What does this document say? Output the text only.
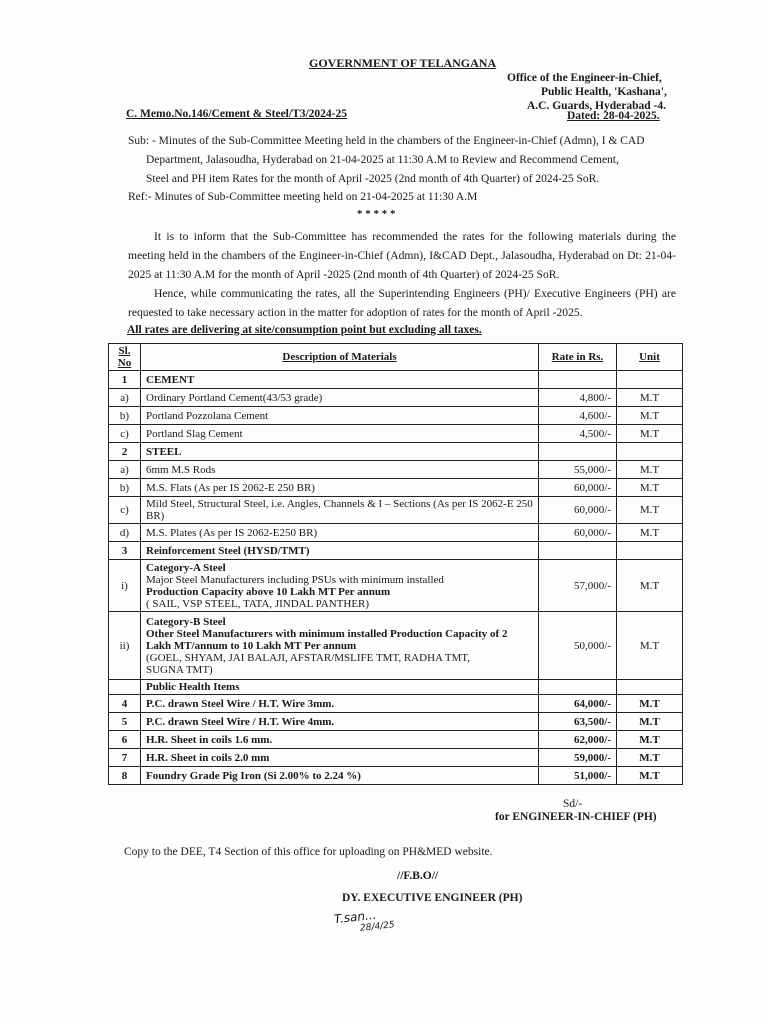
GOVERNMENT OF TELANGANA
Office of the Engineer-in-Chief,
Public Health, 'Kashana',
A.C. Guards, Hyderabad -4.
C. Memo.No.146/Cement & Steel/T3/2024-25	Dated: 28-04-2025.
Sub: - Minutes of the Sub-Committee Meeting held in the chambers of the Engineer-in-Chief (Admn), I & CAD
Department, Jalasoudha, Hyderabad on 21-04-2025 at 11:30 A.M to Review and Recommend Cement,
Steel and PH item Rates for the month of April -2025 (2nd month of 4th Quarter) of 2024-25 SoR.
Ref:- Minutes of Sub-Committee meeting held on 21-04-2025 at 11:30 A.M
* * * * *
It is to inform that the Sub-Committee has recommended the rates for the following materials during the meeting held in the chambers of the Engineer-in-Chief (Admn), I&CAD Dept., Jalasoudha, Hyderabad on Dt: 21-04-2025 at 11:30 A.M for the month of April -2025 (2nd month of 4th Quarter) of 2024-25 SoR.
Hence, while communicating the rates, all the Superintending Engineers (PH)/ Executive Engineers (PH) are requested to take necessary action in the matter for adoption of rates for the month of April -2025.
All rates are delivering at site/consumption point but excluding all taxes.
Sl. No	Description of Materials	Rate in Rs.	Unit
1	CEMENT		
a)	Ordinary Portland Cement(43/53 grade)	4,800/-	M.T
b)	Portland Pozzolana Cement	4,600/-	M.T
c)	Portland Slag Cement	4,500/-	M.T
2	STEEL		
a)	6mm M.S Rods	55,000/-	M.T
b)	M.S. Flats (As per IS 2062-E 250 BR)	60,000/-	M.T
c)	Mild Steel, Structural Steel, i.e. Angles, Channels & I – Sections (As per IS 2062-E 250 BR)	60,000/-	M.T
d)	M.S. Plates (As per IS 2062-E250 BR)	60,000/-	M.T
3	Reinforcement Steel (HYSD/TMT)		
i)	Category-A Steel
Major Steel Manufacturers including PSUs with minimum installed
Production Capacity above 10 Lakh MT Per annum
( SAIL, VSP STEEL, TATA, JINDAL PANTHER)	57,000/-	M.T
ii)	Category-B Steel
Other Steel Manufacturers with minimum installed Production Capacity of 2
Lakh MT/annum to 10 Lakh MT Per annum
(GOEL, SHYAM, JAI BALAJI, AFSTAR/MSLIFE TMT, RADHA TMT,
SUGNA TMT)	50,000/-	M.T
	Public Health Items		
4	P.C. drawn Steel Wire / H.T. Wire 3mm.	64,000/-	M.T
5	P.C. drawn Steel Wire / H.T. Wire 4mm.	63,500/-	M.T
6	H.R. Sheet in coils 1.6 mm.	62,000/-	M.T
7	H.R. Sheet in coils 2.0 mm	59,000/-	M.T
8	Foundry Grade Pig Iron (Si 2.00% to 2.24 %)	51,000/-	M.T
Sd/-
for ENGINEER-IN-CHIEF (PH)
Copy to the DEE, T4 Section of this office for uploading on PH&MED website.
//F.B.O//
DY. EXECUTIVE ENGINEER (PH)
T.san...
28/4/25
